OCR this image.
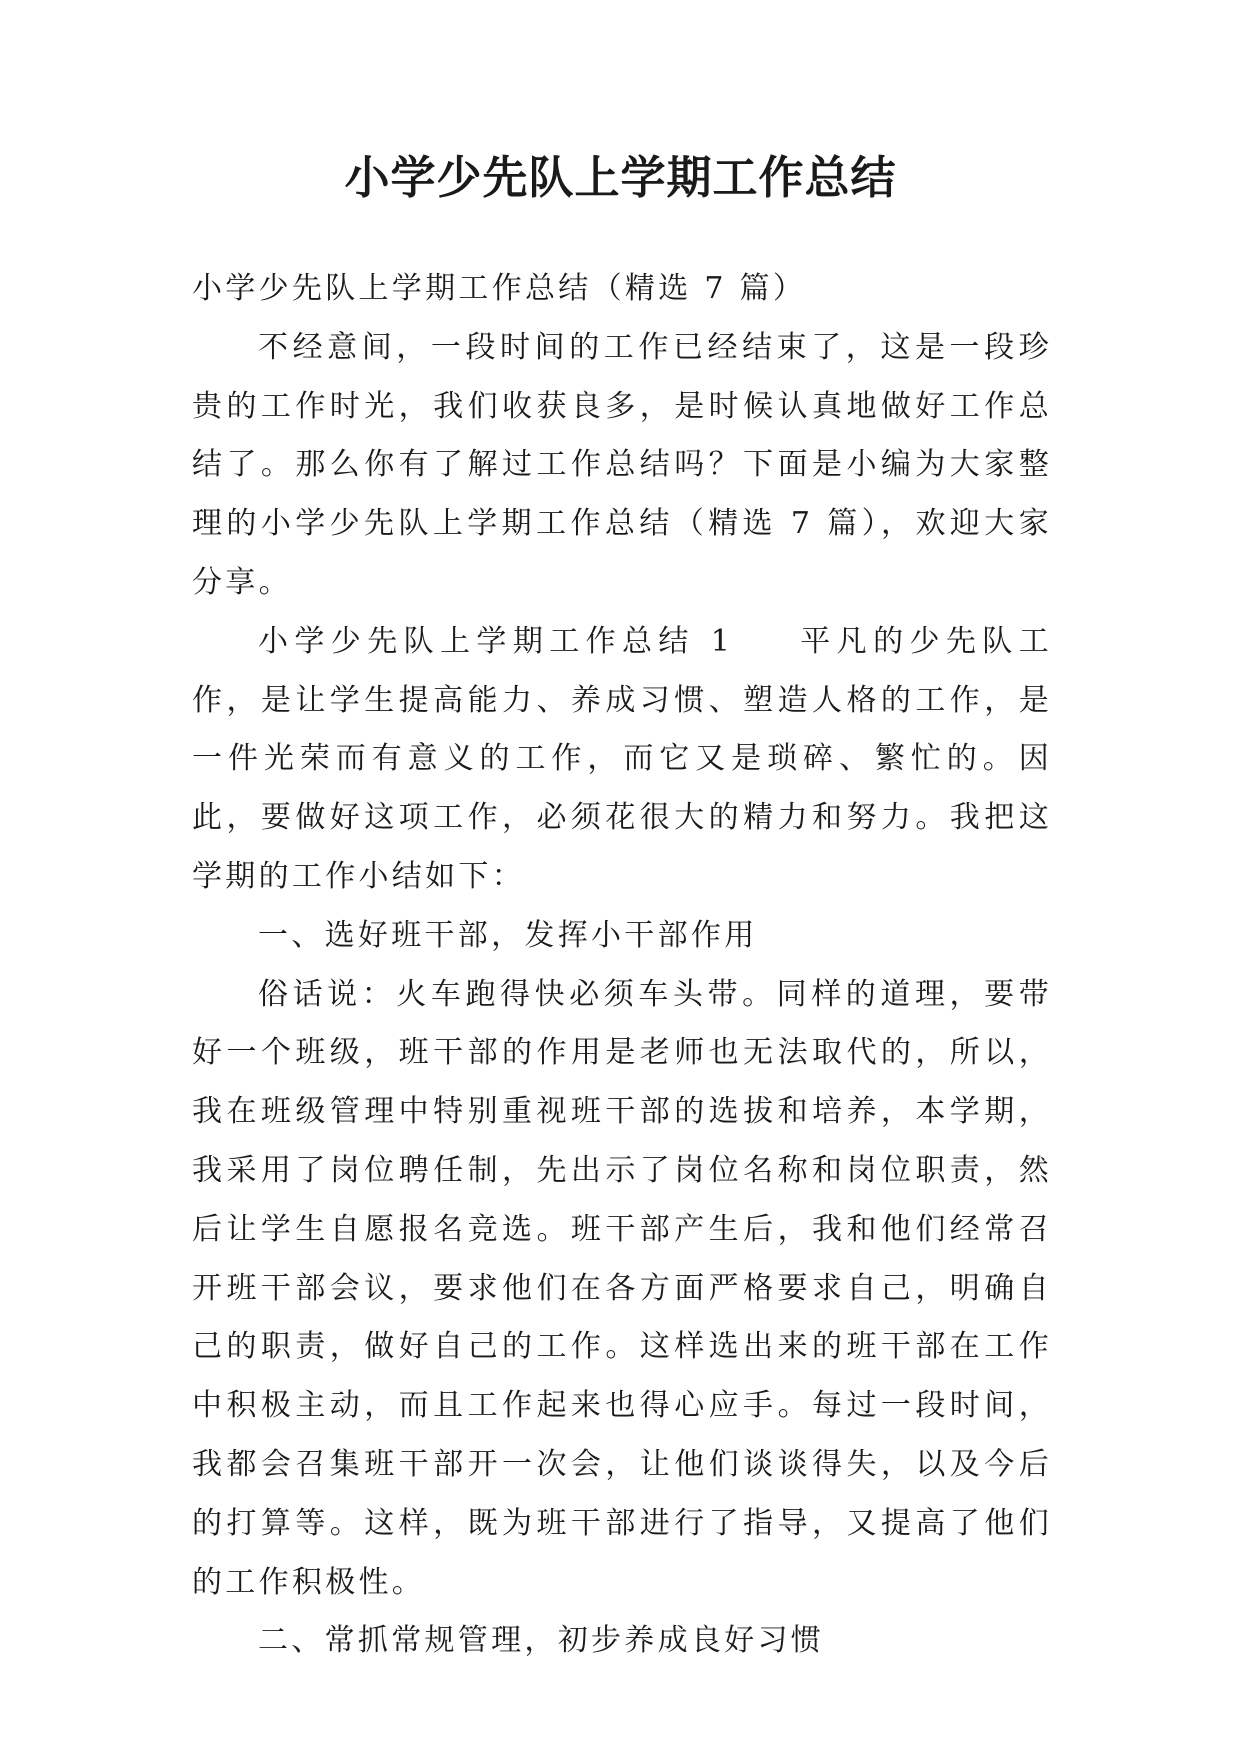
小学少先队上学期工作总结

小学少先队上学期工作总结（精选 7 篇）

不经意间，一段时间的工作已经结束了，这是一段珍贵的工作时光，我们收获良多，是时候认真地做好工作总结了。那么你有了解过工作总结吗？下面是小编为大家整理的小学少先队上学期工作总结（精选 7 篇），欢迎大家分享。

小学少先队上学期工作总结 1 平凡的少先队工作，是让学生提高能力、养成习惯、塑造人格的工作，是一件光荣而有意义的工作，而它又是琐碎、繁忙的。因此，要做好这项工作，必须花很大的精力和努力。我把这学期的工作小结如下：

一、选好班干部，发挥小干部作用

俗话说：火车跑得快必须车头带。同样的道理，要带好一个班级，班干部的作用是老师也无法取代的，所以，我在班级管理中特别重视班干部的选拔和培养，本学期，我采用了岗位聘任制，先出示了岗位名称和岗位职责，然后让学生自愿报名竞选。班干部产生后，我和他们经常召开班干部会议，要求他们在各方面严格要求自己，明确自己的职责，做好自己的工作。这样选出来的班干部在工作中积极主动，而且工作起来也得心应手。每过一段时间，我都会召集班干部开一次会，让他们谈谈得失，以及今后的打算等。这样，既为班干部进行了指导，又提高了他们的工作积极性。

二、常抓常规管理，初步养成良好习惯
